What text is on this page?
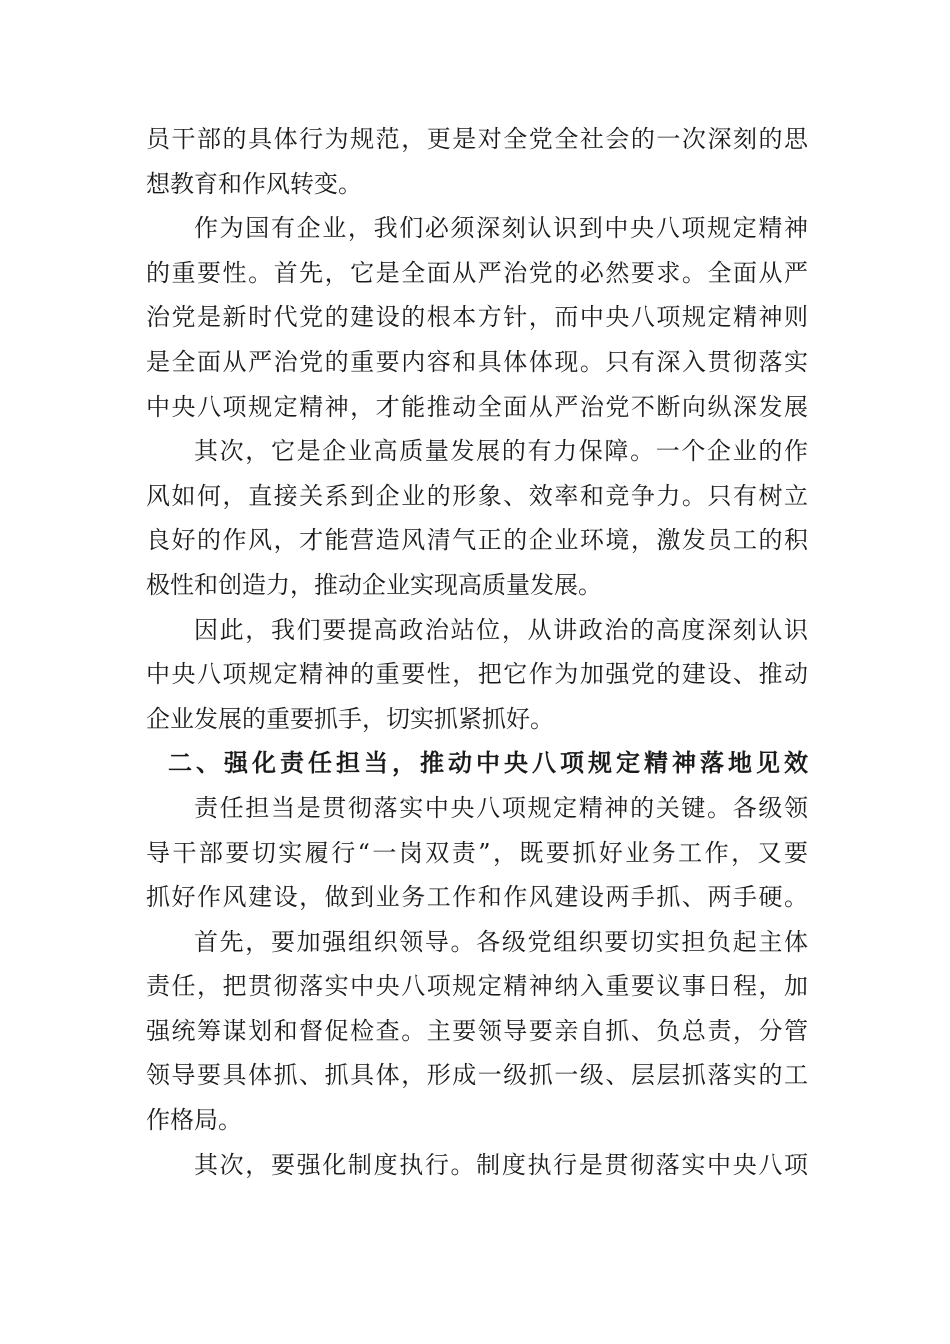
员干部的具体行为规范，更是对全党全社会的一次深刻的思
想教育和作风转变。
作为国有企业，我们必须深刻认识到中央八项规定精神
的重要性。首先，它是全面从严治党的必然要求。全面从严
治党是新时代党的建设的根本方针，而中央八项规定精神则
是全面从严治党的重要内容和具体体现。只有深入贯彻落实
中央八项规定精神，才能推动全面从严治党不断向纵深发展
其次，它是企业高质量发展的有力保障。一个企业的作
风如何，直接关系到企业的形象、效率和竞争力。只有树立
良好的作风，才能营造风清气正的企业环境，激发员工的积
极性和创造力，推动企业实现高质量发展。
因此，我们要提高政治站位，从讲政治的高度深刻认识
中央八项规定精神的重要性，把它作为加强党的建设、推动
企业发展的重要抓手，切实抓紧抓好。
二、强化责任担当，推动中央八项规定精神落地见效
责任担当是贯彻落实中央八项规定精神的关键。各级领
导干部要切实履行“一岗双责”，既要抓好业务工作，又要
抓好作风建设，做到业务工作和作风建设两手抓、两手硬。
首先，要加强组织领导。各级党组织要切实担负起主体
责任，把贯彻落实中央八项规定精神纳入重要议事日程，加
强统筹谋划和督促检查。主要领导要亲自抓、负总责，分管
领导要具体抓、抓具体，形成一级抓一级、层层抓落实的工
作格局。
其次，要强化制度执行。制度执行是贯彻落实中央八项
